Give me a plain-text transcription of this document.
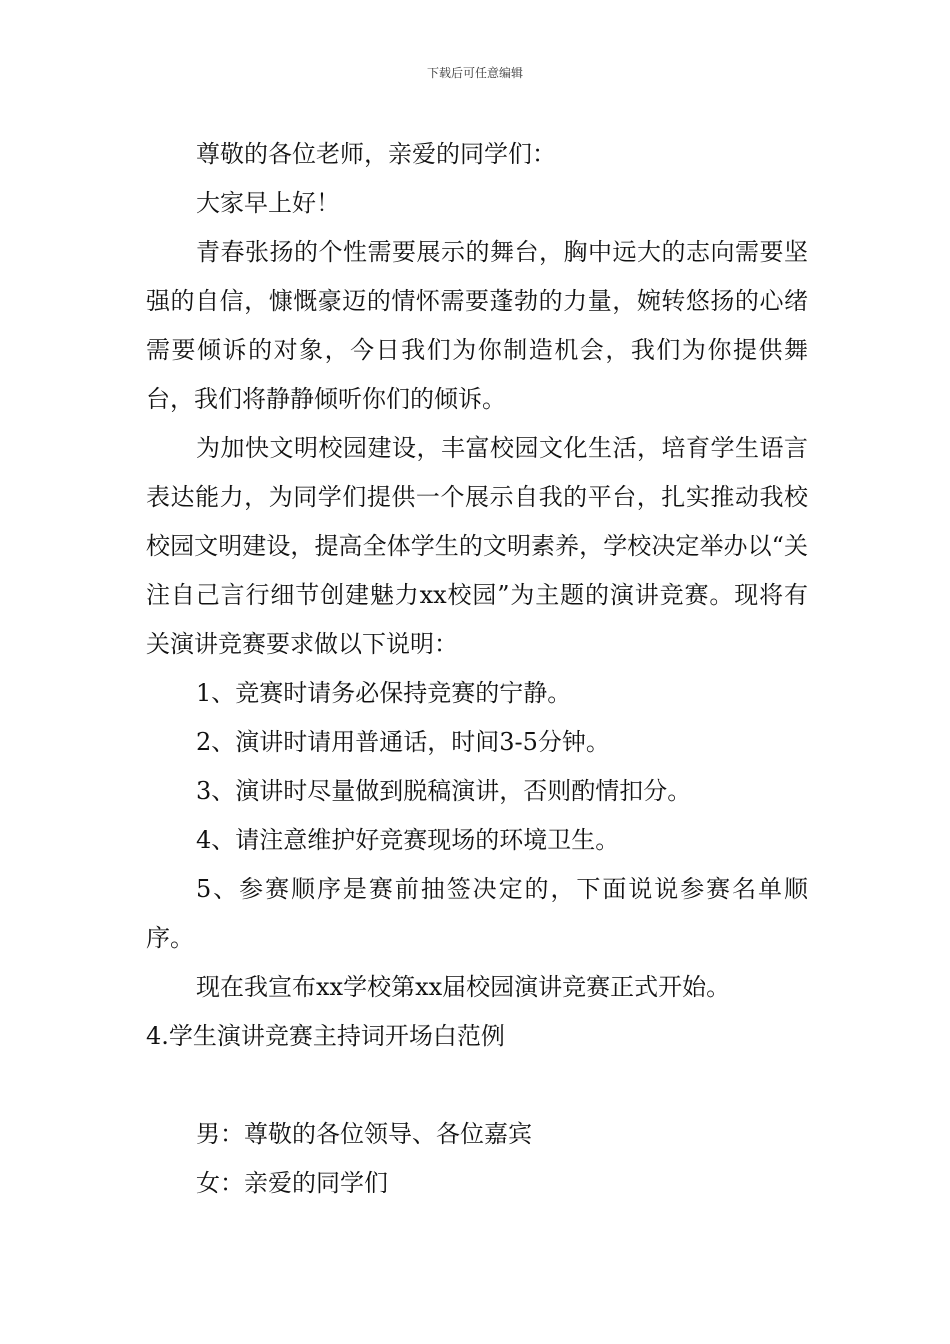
下载后可任意编辑

尊敬的各位老师，亲爱的同学们：

大家早上好！

青春张扬的个性需要展示的舞台，胸中远大的志向需要坚强的自信，慷慨豪迈的情怀需要蓬勃的力量，婉转悠扬的心绪需要倾诉的对象，今日我们为你制造机会，我们为你提供舞台，我们将静静倾听你们的倾诉。

为加快文明校园建设，丰富校园文化生活，培育学生语言表达能力，为同学们提供一个展示自我的平台，扎实推动我校校园文明建设，提高全体学生的文明素养，学校决定举办以“关注自己言行细节创建魅力xx校园”为主题的演讲竞赛。现将有关演讲竞赛要求做以下说明：

1、竞赛时请务必保持竞赛的宁静。

2、演讲时请用普通话，时间3-5分钟。

3、演讲时尽量做到脱稿演讲，否则酌情扣分。

4、请注意维护好竞赛现场的环境卫生。

5、参赛顺序是赛前抽签决定的，下面说说参赛名单顺序。

现在我宣布xx学校第xx届校园演讲竞赛正式开始。

4.学生演讲竞赛主持词开场白范例

男：尊敬的各位领导、各位嘉宾

女：亲爱的同学们
